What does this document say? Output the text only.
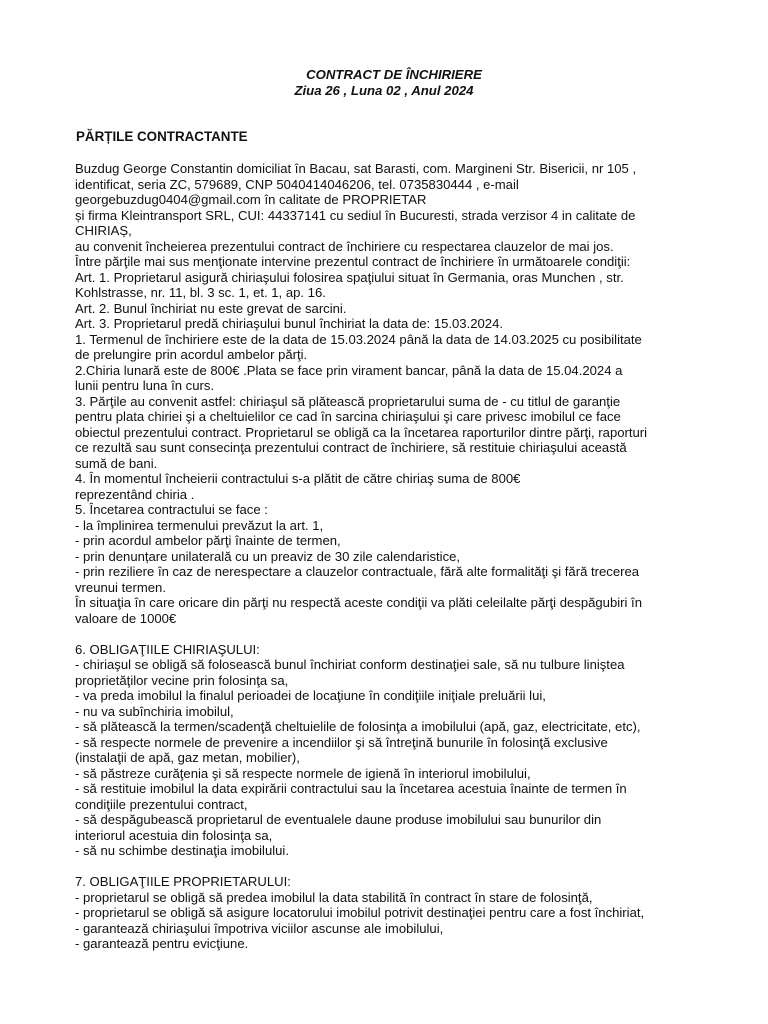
CONTRACT DE ÎNCHIRIERE
Ziua 26 , Luna 02 , Anul 2024
PĂRȚILE CONTRACTANTE

Buzdug George Constantin domiciliat în Bacau, sat Barasti, com. Margineni Str. Bisericii, nr 105 ,

identificat, seria ZC, 579689, CNP 5040414046206, tel. 0735830444 , e-mail

georgebuzdug0404@gmail.com în calitate de PROPRIETAR

și firma Kleintransport SRL, CUI: 44337141 cu sediul în Bucuresti, strada verzisor 4 in calitate de

CHIRIAȘ,

au convenit încheierea prezentului contract de închiriere cu respectarea clauzelor de mai jos.

Între părţile mai sus menţionate intervine prezentul contract de închiriere în următoarele condiţii:

Art. 1. Proprietarul asigură chiriaşului folosirea spaţiului situat în Germania, oras Munchen , str.

Kohlstrasse, nr. 11, bl. 3 sc. 1, et. 1, ap. 16.

Art. 2. Bunul închiriat nu este grevat de sarcini.

Art. 3. Proprietarul predă chiriaşului bunul închiriat la data de: 15.03.2024.

1. Termenul de închiriere este de la data de 15.03.2024 până la data de 14.03.2025 cu posibilitate

de prelungire prin acordul ambelor părţi.

2.Chiria lunară este de 800€ .Plata se face prin virament bancar, până la data de 15.04.2024 a

lunii pentru luna în curs.

3. Părţile au convenit astfel: chiriaşul să plătească proprietarului suma de - cu titlul de garanţie

pentru plata chiriei şi a cheltuielilor ce cad în sarcina chiriaşului şi care privesc imobilul ce face

obiectul prezentului contract. Proprietarul se obligă ca la încetarea raporturilor dintre părţi, raporturi

ce rezultă sau sunt consecinţa prezentului contract de închiriere, să restituie chiriaşului această

sumă de bani.

4. În momentul încheierii contractului s-a plătit de către chiriaş suma de 800€

reprezentând chiria .

5. Încetarea contractului se face :

- la împlinirea termenului prevăzut la art. 1,

- prin acordul ambelor părţi înainte de termen,

- prin denunțare unilaterală cu un preaviz de 30 zile calendaristice,

- prin reziliere în caz de nerespectare a clauzelor contractuale, fără alte formalităţi şi fără trecerea

vreunui termen.

În situaţia în care oricare din părţi nu respectă aceste condiţii va plăti celeilalte părţi despăgubiri în

valoare de 1000€

6. OBLIGAŢIILE CHIRIAŞULUI:

- chiriaşul se obligă să folosească bunul închiriat conform destinaţiei sale, să nu tulbure liniştea

proprietăţilor vecine prin folosinţa sa,

- va preda imobilul la finalul perioadei de locaţiune în condiţiile iniţiale preluării lui,

- nu va subînchiria imobilul,

- să plătească la termen/scadenţă cheltuielile de folosinţa a imobilului (apă, gaz, electricitate, etc),

- să respecte normele de prevenire a incendiilor şi să întreţină bunurile în folosinţă exclusive

(instalaţii de apă, gaz metan, mobilier),

- să păstreze curăţenia şi să respecte normele de igienă în interiorul imobilului,

- să restituie imobilul la data expirării contractului sau la încetarea acestuia înainte de termen în

condiţiile prezentului contract,

- să despăgubească proprietarul de eventualele daune produse imobilului sau bunurilor din

interiorul acestuia din folosinţa sa,

- să nu schimbe destinaţia imobilului.

7. OBLIGAŢIILE PROPRIETARULUI:

- proprietarul se obligă să predea imobilul la data stabilită în contract în stare de folosinţă,

- proprietarul se obligă să asigure locatorului imobilul potrivit destinaţiei pentru care a fost închiriat,

- garantează chiriaşului împotriva viciilor ascunse ale imobilului,

- garantează pentru evicţiune.
